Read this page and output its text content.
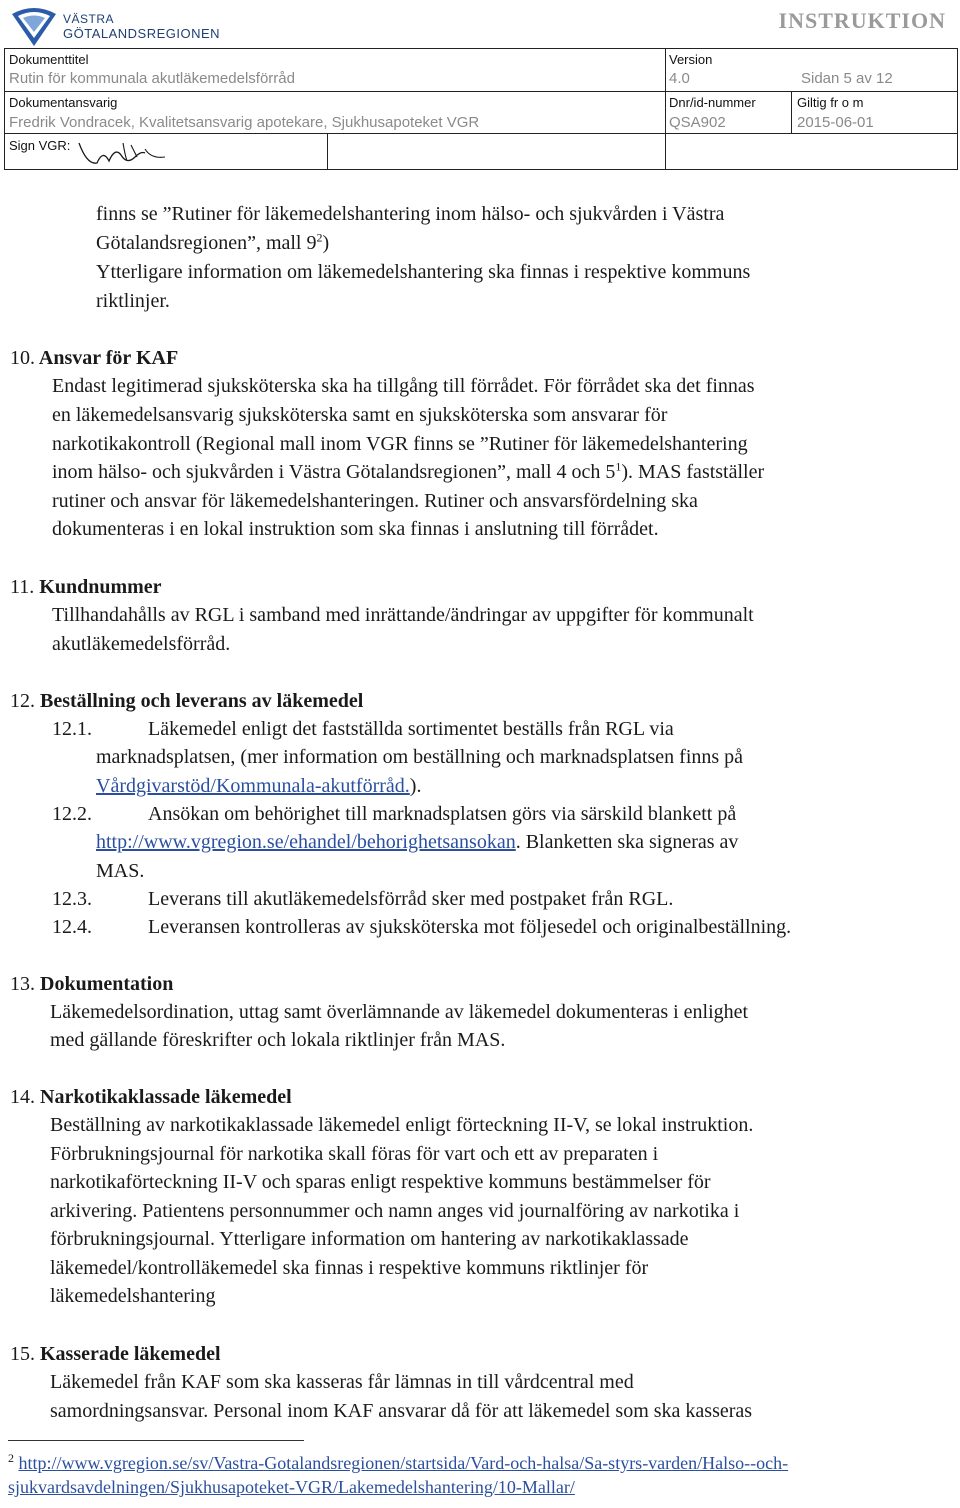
VÄSTRA
GÖTALANDSREGIONEN
INSTRUKTION
Dokumenttitel
Rutin för kommunala akutläkemedelsförråd
Version
4.0	Sidan 5 av 12
Dokumentansvarig
Fredrik Vondracek, Kvalitetsansvarig apotekare, Sjukhusapoteket VGR
Dnr/id-nummer
QSA902
Giltig fr o m
2015-06-01
Sign VGR:
finns se ”Rutiner för läkemedelshantering inom hälso- och sjukvården i Västra
Götalandsregionen”, mall $9^2$)
Ytterligare information om läkemedelshantering ska finnas i respektive kommuns
riktlinjer.
10. Ansvar för KAF
Endast legitimerad sjuksköterska ska ha tillgång till förrådet. För förrådet ska det finnas
en läkemedelsansvarig sjuksköterska samt en sjuksköterska som ansvarar för
narkotikakontroll (Regional mall inom VGR finns se ”Rutiner för läkemedelshantering
inom hälso- och sjukvården i Västra Götalandsregionen”, mall 4 och $5^1$). MAS fastställer
rutiner och ansvar för läkemedelshanteringen. Rutiner och ansvarsfördelning ska
dokumenteras i en lokal instruktion som ska finnas i anslutning till förrådet.
11. Kundnummer
Tillhandahålls av RGL i samband med inrättande/ändringar av uppgifter för kommunalt
akutläkemedelsförråd.
12. Beställning och leverans av läkemedel
12.1.	Läkemedel enligt det fastställda sortimentet beställs från RGL via
marknadsplatsen, (mer information om beställning och marknadsplatsen finns på
Vårdgivarstöd/Kommunala-akutförråd.).
12.2.	Ansökan om behörighet till marknadsplatsen görs via särskild blankett på
http://www.vgregion.se/ehandel/behorighetsansokan. Blanketten ska signeras av
MAS.
12.3.	Leverans till akutläkemedelsförråd sker med postpaket från RGL.
12.4.	Leveransen kontrolleras av sjuksköterska mot följesedel och originalbeställning.
13. Dokumentation
Läkemedelsordination, uttag samt överlämnande av läkemedel dokumenteras i enlighet
med gällande föreskrifter och lokala riktlinjer från MAS.
14. Narkotikaklassade läkemedel
Beställning av narkotikaklassade läkemedel enligt förteckning II-V, se lokal instruktion.
Förbrukningsjournal för narkotika skall föras för vart och ett av preparaten i
narkotikaförteckning II-V och sparas enligt respektive kommuns bestämmelser för
arkivering. Patientens personnummer och namn anges vid journalföring av narkotika i
förbrukningsjournal. Ytterligare information om hantering av narkotikaklassade
läkemedel/kontrolläkemedel ska finnas i respektive kommuns riktlinjer för
läkemedelshantering
15. Kasserade läkemedel
Läkemedel från KAF som ska kasseras får lämnas in till vårdcentral med
samordningsansvar. Personal inom KAF ansvarar då för att läkemedel som ska kasseras
$^2$ http://www.vgregion.se/sv/Vastra-Gotalandsregionen/startsida/Vard-och-halsa/Sa-styrs-varden/Halso--och-
sjukvardsavdelningen/Sjukhusapoteket-VGR/Lakemedelshantering/10-Mallar/
